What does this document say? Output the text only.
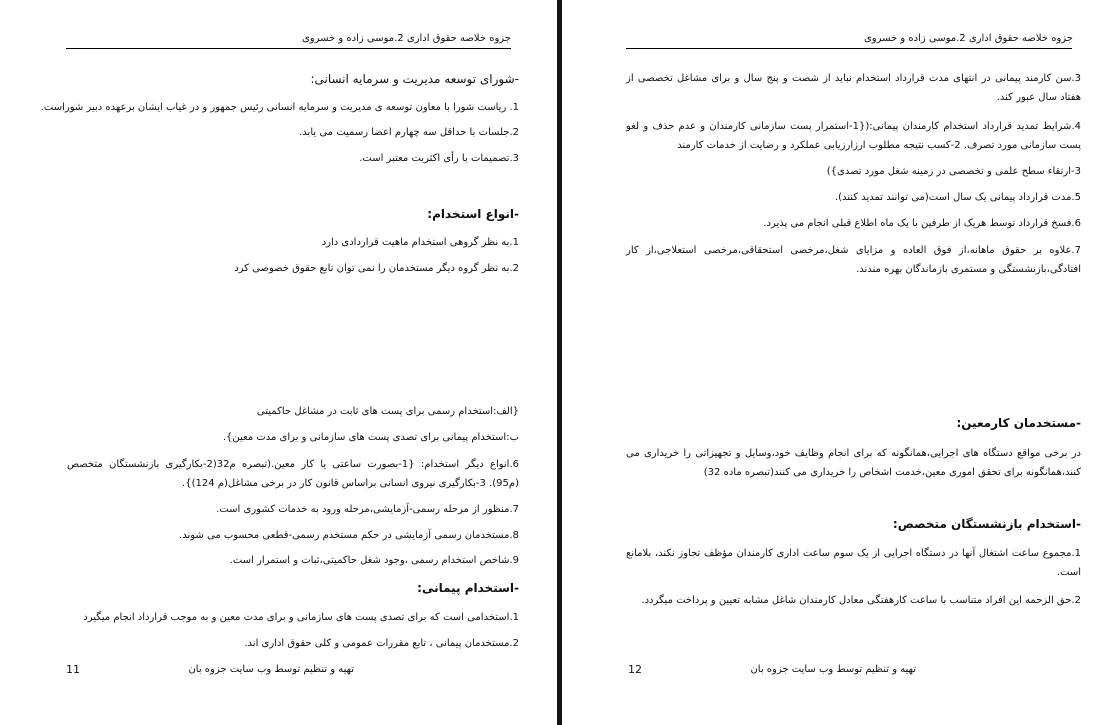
جزوه خلاصه حقوق اداری 2.موسی زاده و خسروی
-شورای توسعه مدیریت و سرمایه انسانی:
1. ریاست شورا با معاون توسعه ی مدیریت و سرمایه انسانی رئیس جمهور و در غیاب ایشان برعهده دبیر شوراست.
2.جلسات با حداقل سه چهارم اعضا رسمیت می یابد.
3.تصمیمات با رأی اکثریت معتبر است.
-انواع استخدام:
1.به نظر گروهی استخدام ماهیت قراردادی دارد
2.به نظر گروه دیگر مستخدمان را نمی توان تابع حقوق خصوصی کرد
{الف:استخدام رسمی برای پست های ثابت در مشاغل حاکمیتی
ب:استخدام پیمانی برای تصدی پست های سازمانی و برای مدت معین}.
6.انواع دیگر استخدام: {1-بصورت ساعتی یا کار معین.(تبصره م32(2-بکارگیری بازنشستگان متخصص (م95). 3-بکارگیری نیروی انسانی براساس قانون کار در برخی مشاغل(م 124)}.
7.منظور از مرحله رسمی-آزمایشی،مرحله ورود به خدمات کشوری است.
8.مستخدمان رسمی آزمایشی در حکم مستخدم رسمی-قطعی محسوب می شوند.
9.شاخص استخدام رسمی ،وجود شغل حاکمیتی،ثبات و استمرار است.
-استخدام پیمانی:
1.استخدامی است که برای تصدی پست های سازمانی و برای مدت معین و به موجب قرارداد انجام میگیرد
2.مستخدمان پیمانی ، تابع مقررات عمومی و کلی حقوق اداری اند.
تهیه و تنظیم توسط وب سایت جزوه بان
11
جزوه خلاصه حقوق اداری 2.موسی زاده و خسروی
3.سن کارمند پیمانی در انتهای مدت قرارداد استخدام نباید از شصت و پنج سال و برای مشاغل تخصصی از هفتاد سال عبور کند.
4.شرایط تمدید قرارداد استخدام کارمندان پیمانی:({1-استمرار پست سازمانی کارمندان و عدم حذف و لغو پست سازمانی مورد تصرف. 2-کسب نتیجه مطلوب ارزارزیابی عملکرد و رضایت از خدمات کارمند
3-ارتقاء سطح علمی و تخصصی در زمینه شغل مورد تصدی})
5.مدت قرارداد پیمانی یک سال است(می توانند تمدید کنند).
6.فسخ قرارداد توسط هریک از طرفین با یک ماه اطلاع قبلی انجام می پذیرد.
7.علاوه بر حقوق ماهانه،از فوق العاده و مزایای شغل،مرخصی استحقاقی،مرخصی استعلاجی،از کار افتادگی،بازنشستگی و مستمری بازماندگان بهره مندند.
-مستخدمان کارمعین:
در برخی مواقع دستگاه های اجرایی،همانگونه که برای انجام وظایف خود،وسایل و تجهیزاتی را خریداری می کنند،همانگونه برای تحقق اموری معین،خدمت اشخاص را خریداری می کنند(تبصره ماده 32)
-استخدام بازنشستگان متخصص:
1.مجموع ساعت اشتغال آنها در دستگاه اجرایی از یک سوم ساعت اداری کارمندان مؤظف تجاوز نکند، بلامانع است.
2.حق الزحمه این افراد متناسب با ساعت کارهفتگی معادل کارمندان شاغل مشابه تعیین و پرداخت میگردد.
تهیه و تنظیم توسط وب سایت جزوه بان
12
